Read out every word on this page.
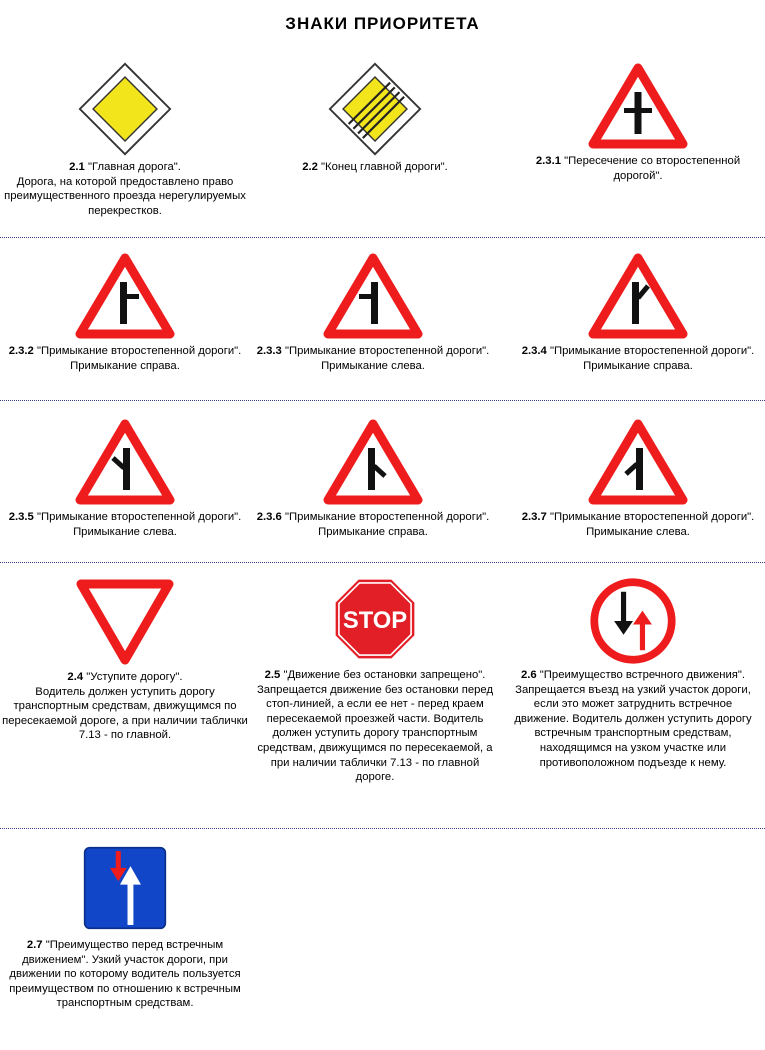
ЗНАКИ ПРИОРИТЕТА
2.1 "Главная дорога".
Дорога, на которой предоставлено право преимущественного проезда нерегулируемых перекрестков.
2.2 "Конец главной дороги".	2.3.1 "Пересечение со второстепенной дорогой".
2.3.2 "Примыкание второстепенной дороги". Примыкание справа.
2.3.3 "Примыкание второстепенной дороги". Примыкание слева.
2.3.4 "Примыкание второстепенной дороги". Примыкание справа.
2.3.5 "Примыкание второстепенной дороги". Примыкание слева.
2.3.6 "Примыкание второстепенной дороги". Примыкание справа.
2.3.7 "Примыкание второстепенной дороги". Примыкание слева.
2.4 "Уступите дорогу".
Водитель должен уступить дорогу транспортным средствам, движущимся по пересекаемой дороге, а при наличии таблички 7.13 - по главной.
STOP
2.5 "Движение без остановки запрещено".
Запрещается движение без остановки перед стоп-линией, а если ее нет - перед краем пересекаемой проезжей части. Водитель должен уступить дорогу транспортным средствам, движущимся по пересекаемой, а при наличии таблички 7.13 - по главной дороге.
2.6 "Преимущество встречного движения". Запрещается въезд на узкий участок дороги, если это может затруднить встречное движение. Водитель должен уступить дорогу встречным транспортным средствам, находящимся на узком участке или противоположном подъезде к нему.
2.7 "Преимущество перед встречным движением". Узкий участок дороги, при движении по которому водитель пользуется преимуществом по отношению к встречным транспортным средствам.
